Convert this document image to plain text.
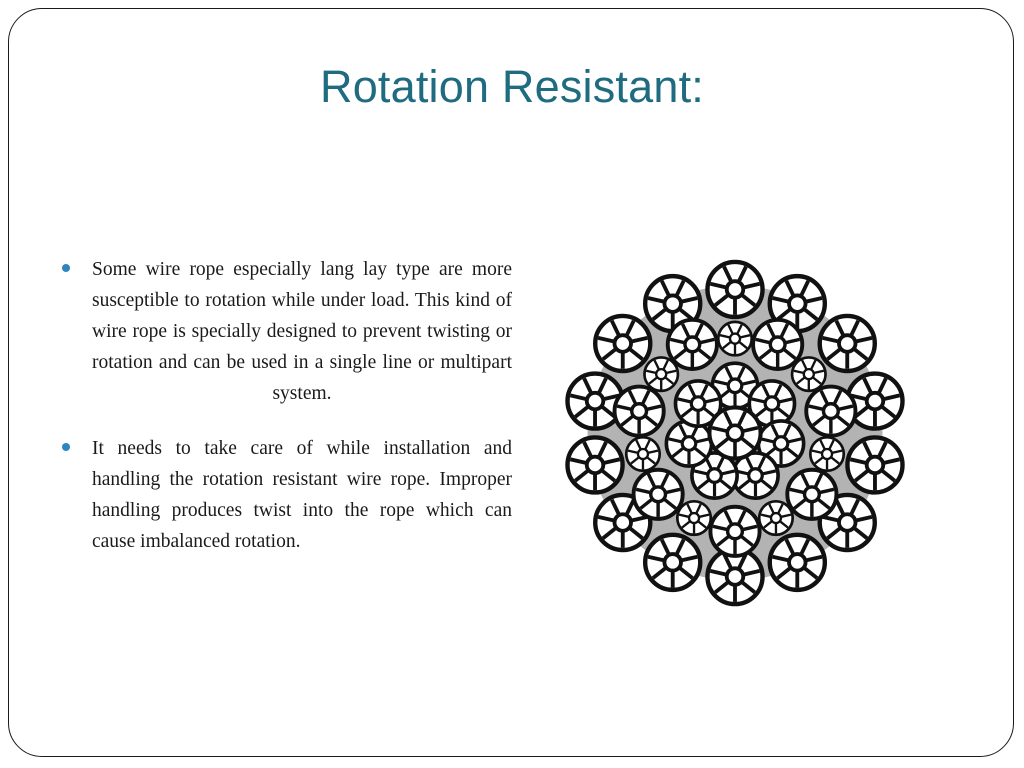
Rotation Resistant:
Some wire rope especially lang lay type are more susceptible to rotation while under load. This kind of wire rope is specially designed to prevent twisting or rotation and can be used in a single line or multipart system.
It needs to take care of while installation and handling the rotation resistant wire rope. Improper handling produces twist into the rope which can cause imbalanced rotation.
